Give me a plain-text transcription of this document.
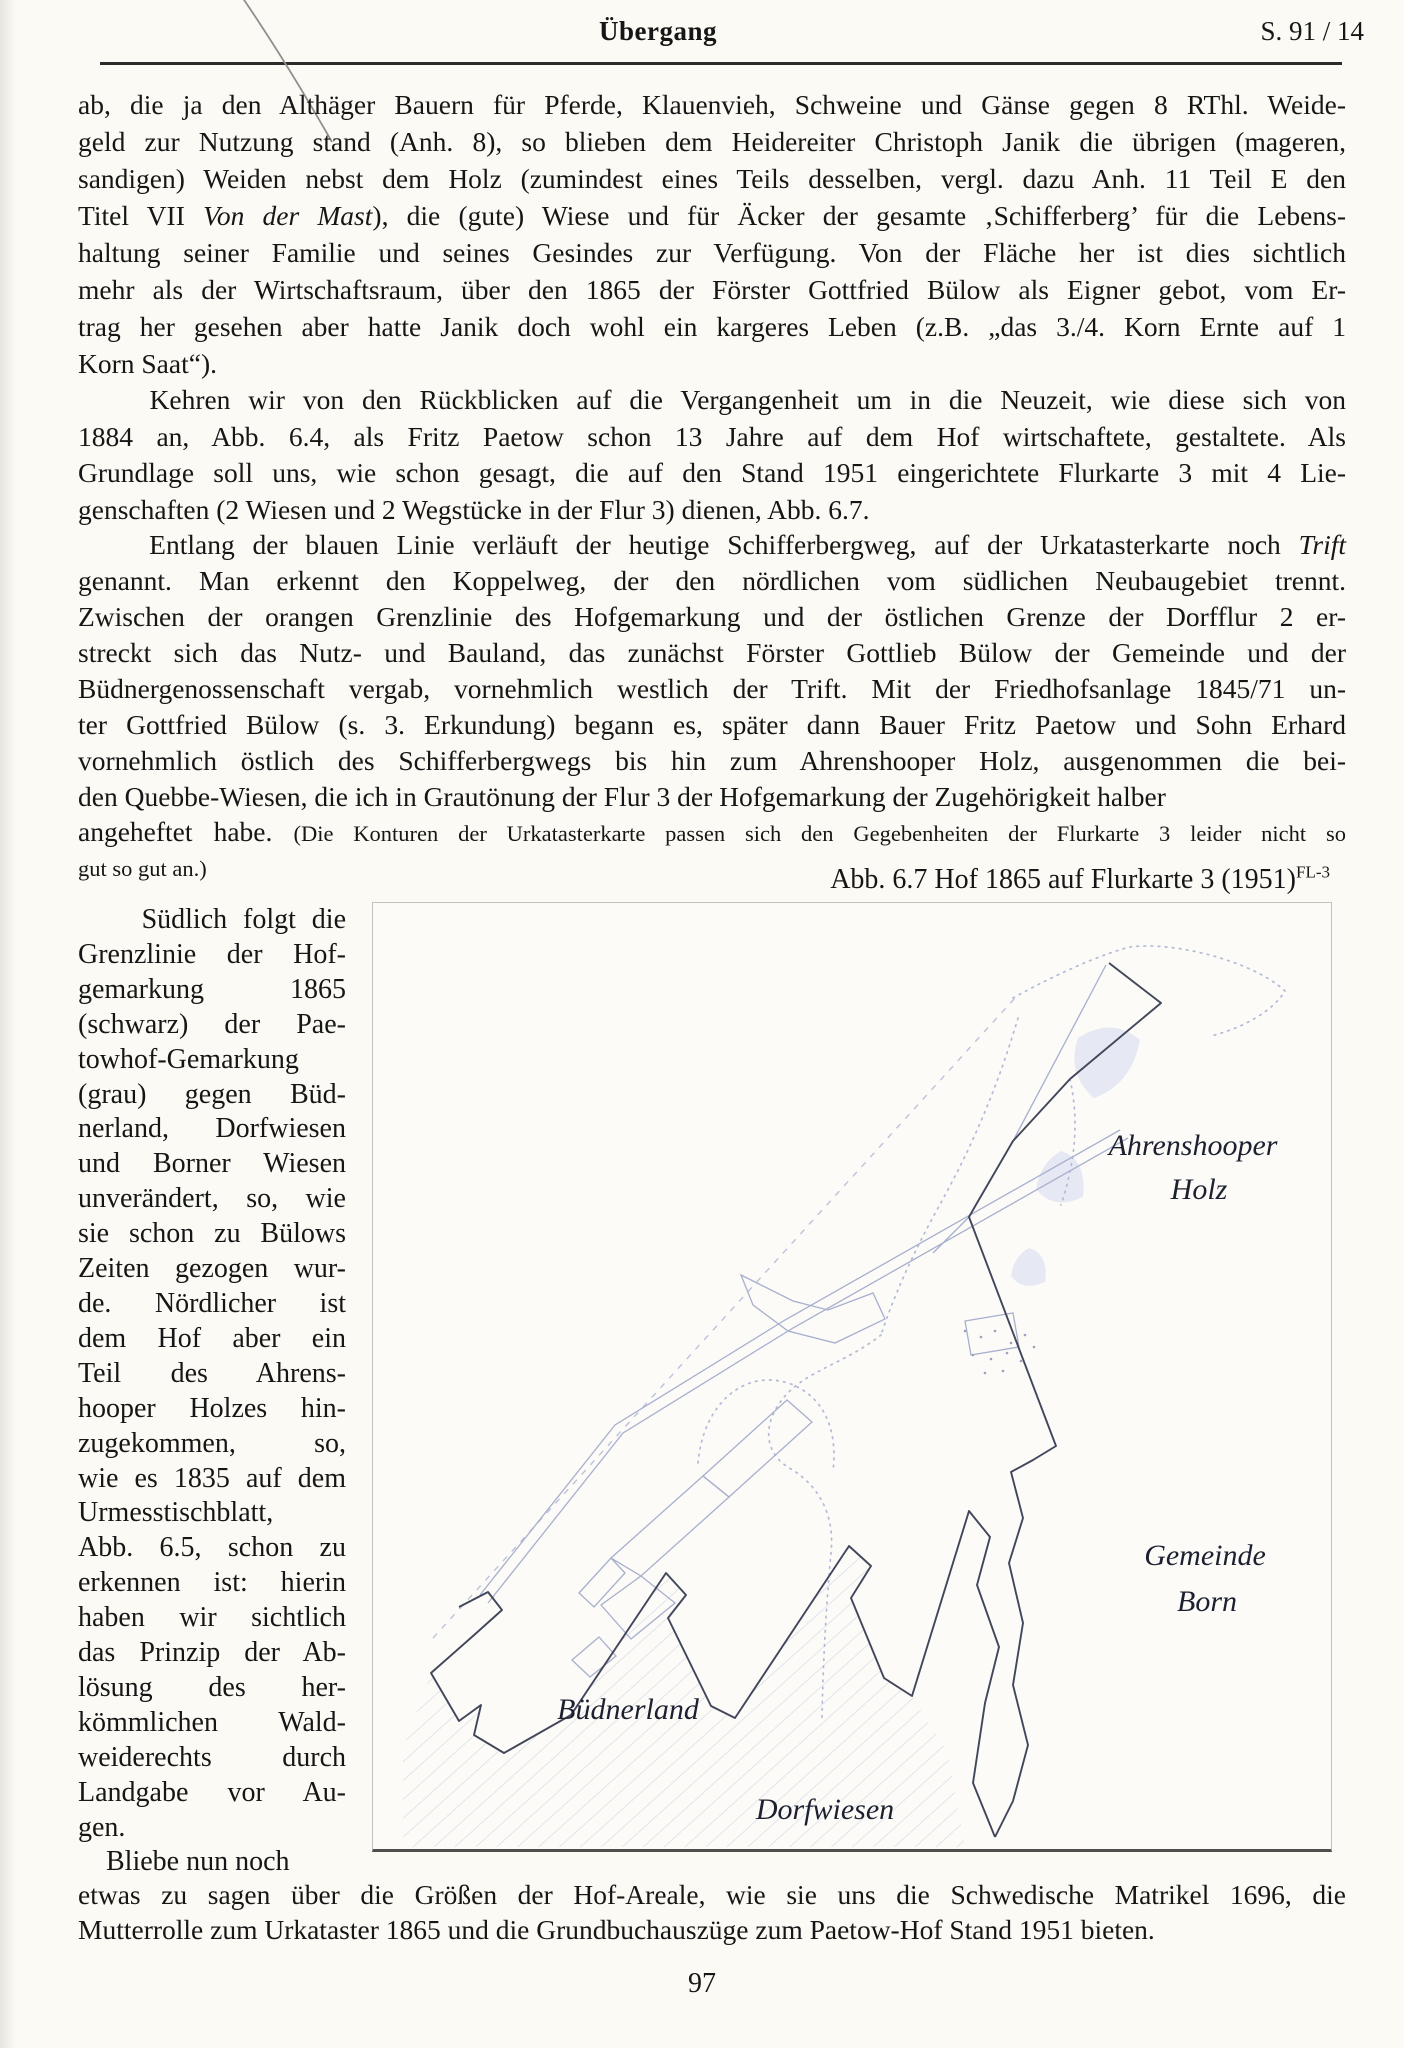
Übergang	S. 91 / 14
ab, die ja den Althäger Bauern für Pferde, Klauenvieh, Schweine und Gänse gegen 8 RThl. Weide-
geld zur Nutzung stand (Anh. 8), so blieben dem Heidereiter Christoph Janik die übrigen (mageren,
sandigen) Weiden nebst dem Holz (zumindest eines Teils desselben, vergl. dazu Anh. 11 Teil E den
Titel VII Von der Mast), die (gute) Wiese und für Äcker der gesamte ‚Schifferberg’ für die Lebens-
haltung seiner Familie und seines Gesindes zur Verfügung. Von der Fläche her ist dies sichtlich
mehr als der Wirtschaftsraum, über den 1865 der Förster Gottfried Bülow als Eigner gebot, vom Er-
trag her gesehen aber hatte Janik doch wohl ein kargeres Leben (z.B. „das 3./4. Korn Ernte auf 1
Korn Saat“).
Kehren wir von den Rückblicken auf die Vergangenheit um in die Neuzeit, wie diese sich von
1884 an, Abb. 6.4, als Fritz Paetow schon 13 Jahre auf dem Hof wirtschaftete, gestaltete. Als
Grundlage soll uns, wie schon gesagt, die auf den Stand 1951 eingerichtete Flurkarte 3 mit 4 Lie-
genschaften (2 Wiesen und 2 Wegstücke in der Flur 3) dienen, Abb. 6.7.
Entlang der blauen Linie verläuft der heutige Schifferbergweg, auf der Urkatasterkarte noch Trift
genannt. Man erkennt den Koppelweg, der den nördlichen vom südlichen Neubaugebiet trennt.
Zwischen der orangen Grenzlinie des Hofgemarkung und der östlichen Grenze der Dorfflur 2 er-
streckt sich das Nutz- und Bauland, das zunächst Förster Gottlieb Bülow der Gemeinde und der
Büdnergenossenschaft vergab, vornehmlich westlich der Trift. Mit der Friedhofsanlage 1845/71 un-
ter Gottfried Bülow (s. 3. Erkundung) begann es, später dann Bauer Fritz Paetow und Sohn Erhard
vornehmlich östlich des Schifferbergwegs bis hin zum Ahrenshooper Holz, ausgenommen die bei-
den Quebbe-Wiesen, die ich in Grautönung der Flur 3 der Hofgemarkung der Zugehörigkeit halber
angeheftet habe. (Die Konturen der Urkatasterkarte passen sich den Gegebenheiten der Flurkarte 3 leider nicht so
gut so gut an.)	Abb. 6.7 Hof 1865 auf Flurkarte 3 $(1951)^{FL-3}$
Südlich folgt die
Grenzlinie der Hof-
gemarkung 1865
(schwarz) der Pae-
towhof-Gemarkung
(grau) gegen Büd-
nerland, Dorfwiesen
und Borner Wiesen
unverändert, so, wie
sie schon zu Bülows
Zeiten gezogen wur-
de. Nördlicher ist
dem Hof aber ein
Teil des Ahrens-
hooper Holzes hin-
zugekommen, so,
wie es 1835 auf dem
Urmesstischblatt,
Abb. 6.5, schon zu
erkennen ist: hierin
haben wir sichtlich
das Prinzip der Ab-
lösung des her-
kömmlichen Wald-
weiderechts durch
Landgabe vor Au-
gen.
Bliebe nun noch
Ahrenshooper
Holz
Gemeinde
Born
Büdnerland
Dorfwiesen
etwas zu sagen über die Größen der Hof-Areale, wie sie uns die Schwedische Matrikel 1696, die
Mutterrolle zum Urkataster 1865 und die Grundbuchauszüge zum Paetow-Hof Stand 1951 bieten.
97
